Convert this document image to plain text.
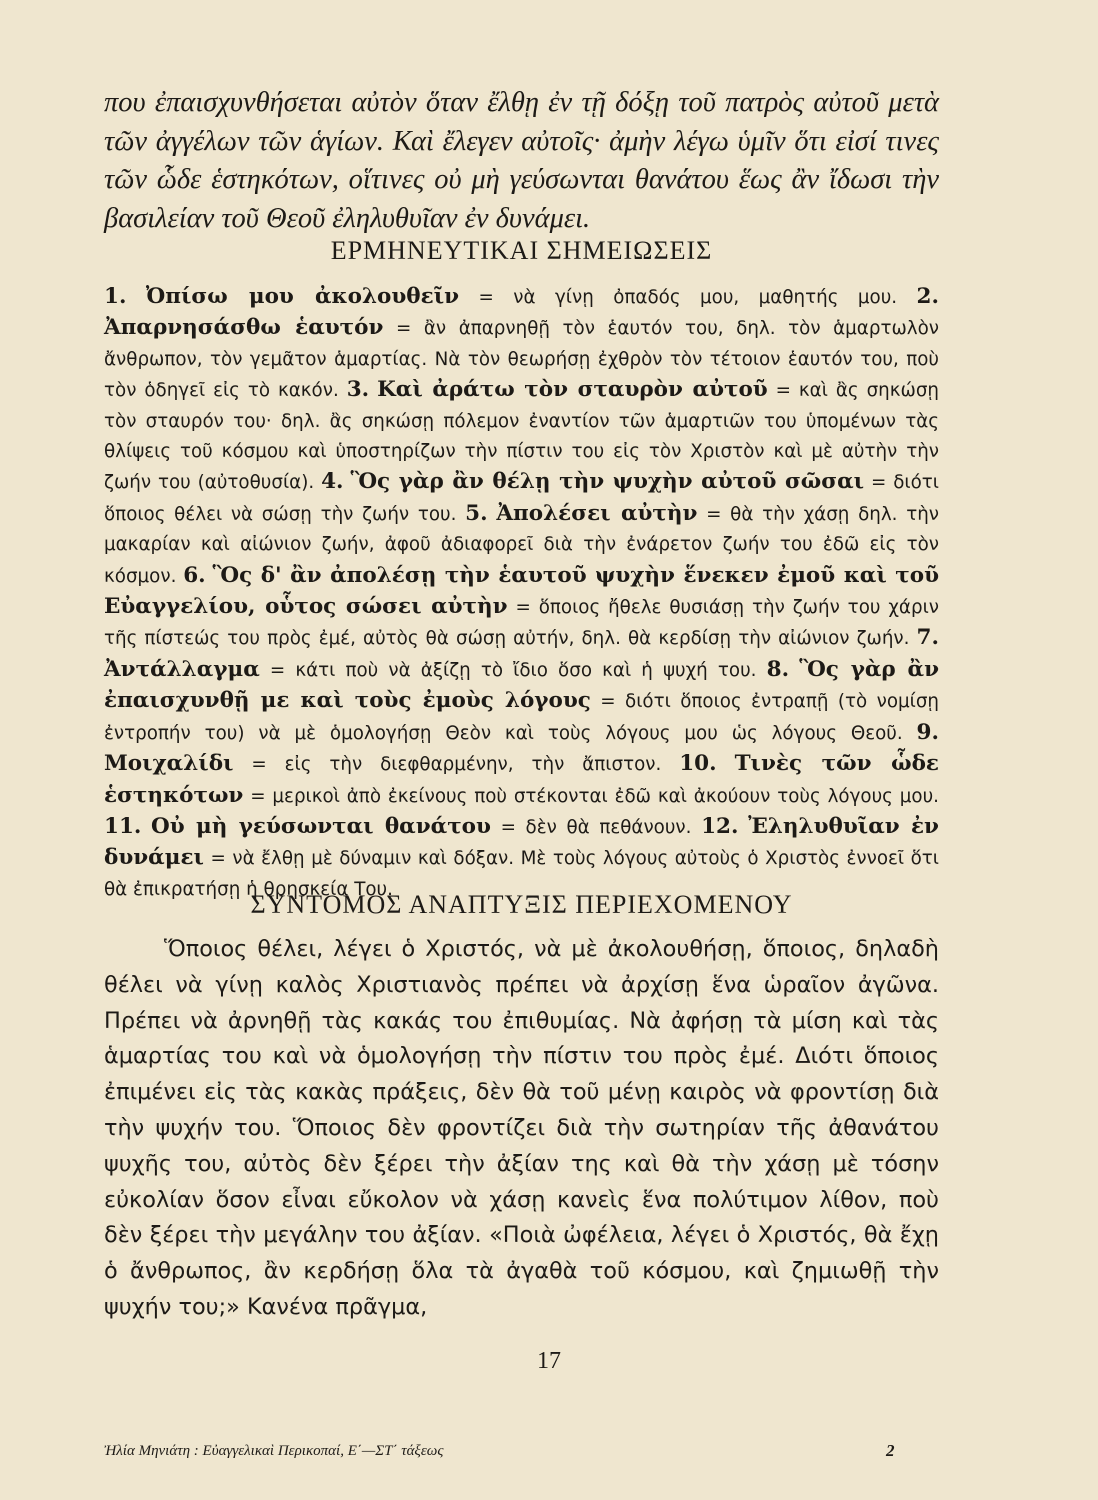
που ἐπαισχυνθήσεται αὐτὸν ὅταν ἔλθῃ ἐν τῇ δόξῃ τοῦ πατρὸς αὐτοῦ μετὰ τῶν ἀγγέλων τῶν ἁγίων. Καὶ ἔλεγεν αὐτοῖς· ἀμὴν λέγω ὑμῖν ὅτι εἰσί τινες τῶν ὧδε ἑστηκότων, οἵτινες οὐ μὴ γεύσωνται θανάτου ἕως ἂν ἴδωσι τὴν βασιλείαν τοῦ Θεοῦ ἐληλυθυῖαν ἐν δυνάμει.
ΕΡΜΗΝΕΥΤΙΚΑΙ ΣΗΜΕΙΩΣΕΙΣ
1. Ὀπίσω μου ἀκολουθεῖν = νὰ γίνῃ ὀπαδός μου, μαθητής μου. 2. Ἀπαρνησάσθω ἑαυτόν = ἂν ἀπαρνηθῇ τὸν ἑαυτόν του, δηλ. τὸν ἁμαρτωλὸν ἄνθρωπον, τὸν γεμᾶτον ἁμαρτίας. Νὰ τὸν θεωρήσῃ ἐχθρὸν τὸν τέτοιον ἑαυτόν του, ποὺ τὸν ὁδηγεῖ εἰς τὸ κακόν. 3. Καὶ ἀράτω τὸν σταυρὸν αὐτοῦ = καὶ ἂς σηκώσῃ τὸν σταυρόν του· δηλ. ἂς σηκώσῃ πόλεμον ἐναντίον τῶν ἁμαρτιῶν του ὑπομένων τὰς θλίψεις τοῦ κόσμου καὶ ὑποστηρίζων τὴν πίστιν του εἰς τὸν Χριστὸν καὶ μὲ αὐτὴν τὴν ζωήν του (αὐτοθυσία). 4. Ὃς γὰρ ἂν θέλῃ τὴν ψυχὴν αὐτοῦ σῶσαι = διότι ὅποιος θέλει νὰ σώσῃ τὴν ζωήν του. 5. Ἀπολέσει αὐτὴν = θὰ τὴν χάσῃ δηλ. τὴν μακαρίαν καὶ αἰώνιον ζωήν, ἀφοῦ ἀδιαφορεῖ διὰ τὴν ἐνάρετον ζωήν του ἐδῶ εἰς τὸν κόσμον. 6. Ὃς δ' ἂν ἀπολέσῃ τὴν ἑαυτοῦ ψυχὴν ἕνεκεν ἐμοῦ καὶ τοῦ Εὐαγγελίου, οὗτος σώσει αὐτὴν = ὅποιος ἤθελε θυσιάσῃ τὴν ζωήν του χάριν τῆς πίστεώς του πρὸς ἐμέ, αὐτὸς θὰ σώσῃ αὐτήν, δηλ. θὰ κερδίσῃ τὴν αἰώνιον ζωήν. 7. Ἀντάλλαγμα = κάτι ποὺ νὰ ἀξίζῃ τὸ ἴδιο ὅσο καὶ ἡ ψυχή του. 8. Ὃς γὰρ ἂν ἐπαισχυνθῇ με καὶ τοὺς ἐμοὺς λόγους = διότι ὅποιος ἐντραπῇ (τὸ νομίσῃ ἐντροπήν του) νὰ μὲ ὁμολογήσῃ Θεὸν καὶ τοὺς λόγους μου ὡς λόγους Θεοῦ. 9. Μοιχαλίδι = εἰς τὴν διεφθαρμένην, τὴν ἄπιστον. 10. Τινὲς τῶν ὧδε ἑστηκότων = μερικοὶ ἀπὸ ἐκείνους ποὺ στέκονται ἐδῶ καὶ ἀκούουν τοὺς λόγους μου. 11. Οὐ μὴ γεύσωνται θανάτου = δὲν θὰ πεθάνουν. 12. Ἐληλυθυῖαν ἐν δυνάμει = νὰ ἔλθῃ μὲ δύναμιν καὶ δόξαν. Μὲ τοὺς λόγους αὐτοὺς ὁ Χριστὸς ἐννοεῖ ὅτι θὰ ἐπικρατήσῃ ἡ θρησκεία Του.
ΣΥΝΤΟΜΟΣ ΑΝΑΠΤΥΞΙΣ ΠΕΡΙΕΧΟΜΕΝΟΥ

Ὅποιος θέλει, λέγει ὁ Χριστός, νὰ μὲ ἀκολουθήσῃ, ὅποιος, δηλαδὴ θέλει νὰ γίνῃ καλὸς Χριστιανὸς πρέπει νὰ ἀρχίσῃ ἕνα ὡραῖον ἀγῶνα. Πρέπει νὰ ἀρνηθῇ τὰς κακάς του ἐπιθυμίας. Νὰ ἀφήσῃ τὰ μίση καὶ τὰς ἁμαρτίας του καὶ νὰ ὁμολογήσῃ τὴν πίστιν του πρὸς ἐμέ. Διότι ὅποιος ἐπιμένει εἰς τὰς κακὰς πράξεις, δὲν θὰ τοῦ μένῃ καιρὸς νὰ φροντίσῃ διὰ τὴν ψυχήν του. Ὅποιος δὲν φροντίζει διὰ τὴν σωτηρίαν τῆς ἀθανάτου ψυχῆς του, αὐτὸς δὲν ξέρει τὴν ἀξίαν της καὶ θὰ τὴν χάσῃ μὲ τόσην εὐκολίαν ὅσον εἶναι εὔκολον νὰ χάσῃ κανεὶς ἕνα πολύτιμον λίθον, ποὺ δὲν ξέρει τὴν μεγάλην του ἀξίαν. «Ποιὰ ὠφέλεια, λέγει ὁ Χριστός, θὰ ἔχῃ ὁ ἄνθρωπος, ἂν κερδήσῃ ὅλα τὰ ἀγαθὰ τοῦ κόσμου, καὶ ζημιωθῇ τὴν ψυχήν του;» Κανένα πρᾶγμα,

17
Ἠλία Μηνιάτη : Εὐαγγελικαὶ Περικοπαί, Ε΄—ΣΤ΄ τάξεως	2
